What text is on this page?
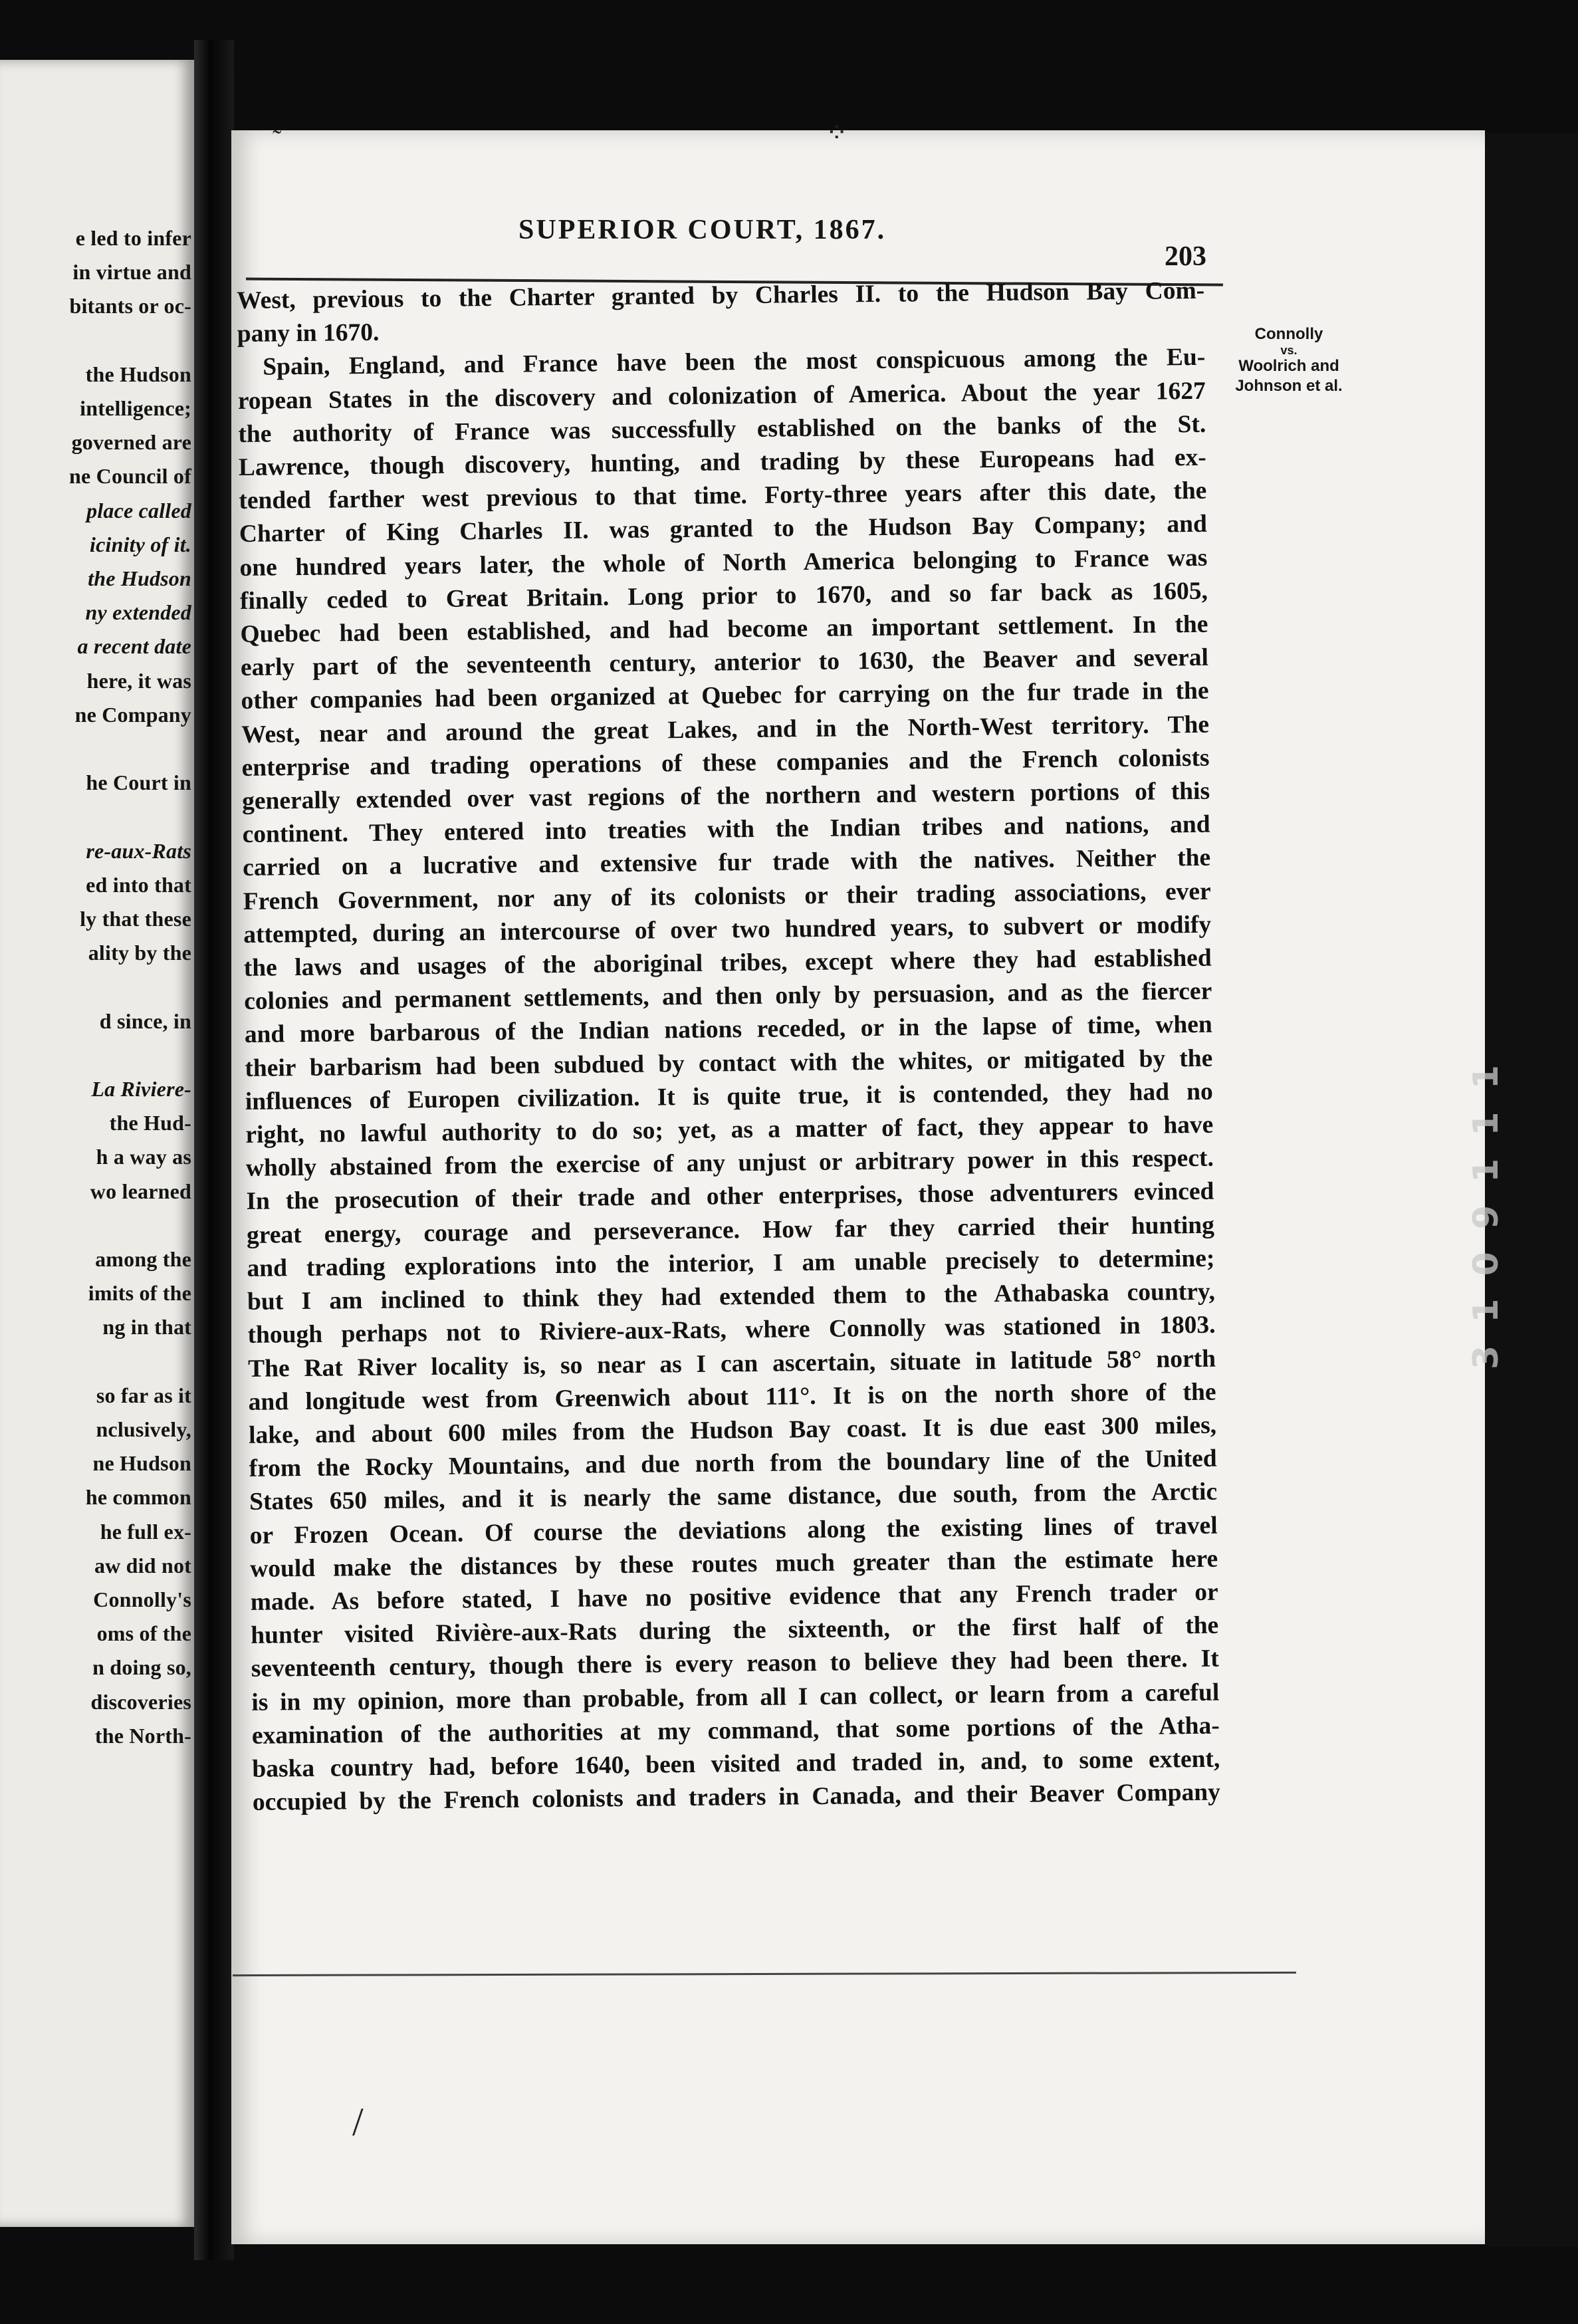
e led to infer
in virtue and
bitants or oc-
the Hudson
intelligence;
governed are
ne Council of
place called
icinity of it.
the Hudson
ny extended
a recent date
here, it was
ne Company
he Court in
re-aux-Rats
ed into that
ly that these
ality by the
d since, in
La Riviere-
the Hud-
h a way as
wo learned
among the
imits of the
ng in that
so far as it
nclusively,
ne Hudson
he common
he full ex-
aw did not
Connolly's
oms of the
n doing so,
discoveries
the North-
3 1 0 9 1 1 1
SUPERIOR COURT, 1867.
203
Connolly
vs.
Woolrich and
Johnson et al.
West, previous to the Charter granted by Charles II. to the Hudson Bay Com-
pany in 1670.
Spain, England, and France have been the most conspicuous among the Eu-
ropean States in the discovery and colonization of America. About the year 1627
the authority of France was successfully established on the banks of the St.
Lawrence, though discovery, hunting, and trading by these Europeans had ex-
tended farther west previous to that time. Forty-three years after this date, the
Charter of King Charles II. was granted to the Hudson Bay Company; and
one hundred years later, the whole of North America belonging to France was
finally ceded to Great Britain. Long prior to 1670, and so far back as 1605,
Quebec had been established, and had become an important settlement. In the
early part of the seventeenth century, anterior to 1630, the Beaver and several
other companies had been organized at Quebec for carrying on the fur trade in the
West, near and around the great Lakes, and in the North-West territory. The
enterprise and trading operations of these companies and the French colonists
generally extended over vast regions of the northern and western portions of this
continent. They entered into treaties with the Indian tribes and nations, and
carried on a lucrative and extensive fur trade with the natives. Neither the
French Government, nor any of its colonists or their trading associations, ever
attempted, during an intercourse of over two hundred years, to subvert or modify
the laws and usages of the aboriginal tribes, except where they had established
colonies and permanent settlements, and then only by persuasion, and as the fiercer
and more barbarous of the Indian nations receded, or in the lapse of time, when
their barbarism had been subdued by contact with the whites, or mitigated by the
influences of Europen civilization. It is quite true, it is contended, they had no
right, no lawful authority to do so; yet, as a matter of fact, they appear to have
wholly abstained from the exercise of any unjust or arbitrary power in this respect.
In the prosecution of their trade and other enterprises, those adventurers evinced
great energy, courage and perseverance. How far they carried their hunting
and trading explorations into the interior, I am unable precisely to determine;
but I am inclined to think they had extended them to the Athabaska country,
though perhaps not to Riviere-aux-Rats, where Connolly was stationed in 1803.
The Rat River locality is, so near as I can ascertain, situate in latitude 58° north
and longitude west from Greenwich about 111°. It is on the north shore of the
lake, and about 600 miles from the Hudson Bay coast. It is due east 300 miles,
from the Rocky Mountains, and due north from the boundary line of the United
States 650 miles, and it is nearly the same distance, due south, from the Arctic
or Frozen Ocean. Of course the deviations along the existing lines of travel
would make the distances by these routes much greater than the estimate here
made. As before stated, I have no positive evidence that any French trader or
hunter visited Rivière-aux-Rats during the sixteenth, or the first half of the
seventeenth century, though there is every reason to believe they had been there. It
is in my opinion, more than probable, from all I can collect, or learn from a careful
examination of the authorities at my command, that some portions of the Atha-
baska country had, before 1640, been visited and traded in, and, to some extent,
occupied by the French colonists and traders in Canada, and their Beaver Company
˜	⁘
/
